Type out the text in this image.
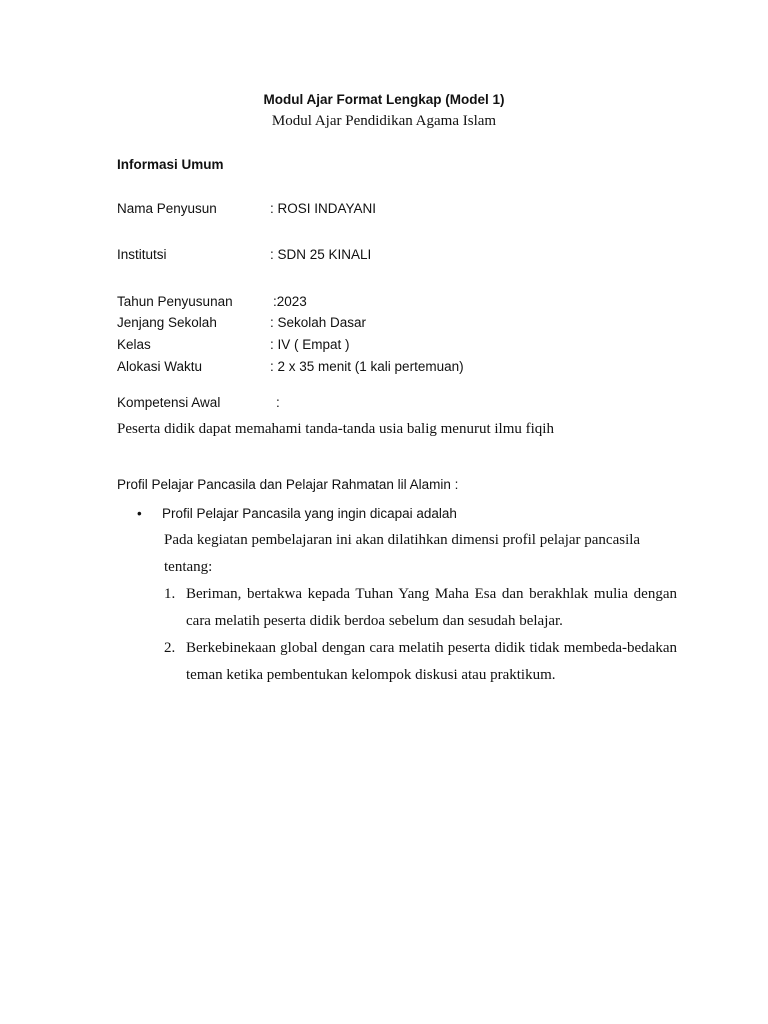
Modul Ajar Format Lengkap (Model 1)
Modul Ajar Pendidikan Agama Islam
Informasi Umum
Nama Penyusun	: ROSI INDAYANI
Institutsi	: SDN 25 KINALI
Tahun Penyusunan	:2023
Jenjang Sekolah	: Sekolah Dasar
Kelas	: IV ( Empat )
Alokasi Waktu	: 2 x 35 menit (1 kali pertemuan)
Kompetensi Awal	:
Peserta didik dapat memahami tanda-tanda usia balig menurut ilmu fiqih
Profil Pelajar Pancasila dan Pelajar Rahmatan lil Alamin :
• Profil Pelajar Pancasila yang ingin dicapai adalah
Pada kegiatan pembelajaran ini akan dilatihkan dimensi profil pelajar pancasila
tentang:
1. Beriman, bertakwa kepada Tuhan Yang Maha Esa dan berakhlak mulia dengan cara melatih peserta didik berdoa sebelum dan sesudah belajar.
2. Berkebinekaan global dengan cara melatih peserta didik tidak membeda-bedakan teman ketika pembentukan kelompok diskusi atau praktikum.
